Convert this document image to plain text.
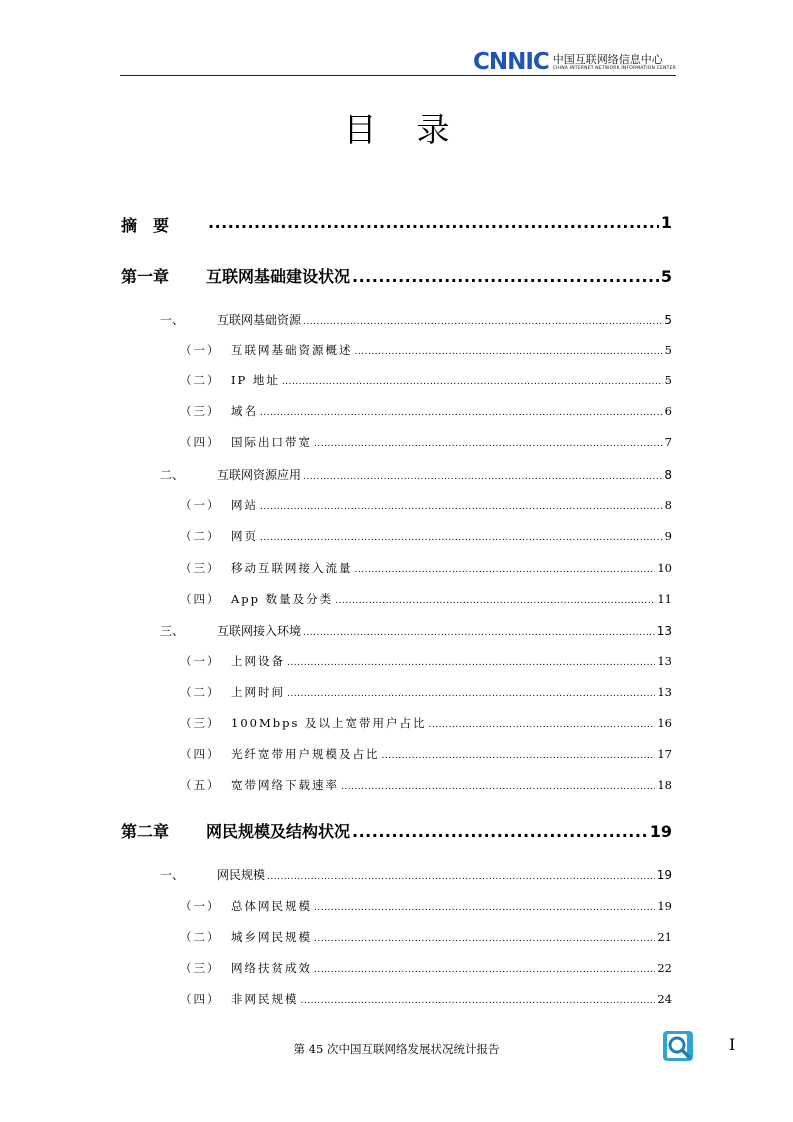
CNNIC 中国互联网络信息中心
CHINA INTERNET NETWORK INFORMATION CENTER
目录
摘　要 .....	1
第一章 互联网基础建设状况 .....	5
一、	互联网基础资源 .....	5
（一） 互联网基础资源概述 .....	5
（二） IP 地址 .....	5
（三） 域名 .....	6
（四） 国际出口带宽 .....	7
二、	互联网资源应用 .....	8
（一） 网站 .....	8
（二） 网页 .....	9
（三） 移动互联网接入流量 .....	10
（四） App 数量及分类 .....	11
三、	互联网接入环境 .....	13
（一） 上网设备 .....	13
（二） 上网时间 .....	13
（三） 100Mbps 及以上宽带用户占比 .....	16
（四） 光纤宽带用户规模及占比 .....	17
（五） 宽带网络下载速率 .....	18
第二章 网民规模及结构状况 .....	19
一、	网民规模 .....	19
（一） 总体网民规模 .....	19
（二） 城乡网民规模 .....	21
（三） 网络扶贫成效 .....	22
（四） 非网民规模 .....	24
第 45 次中国互联网络发展状况统计报告	I
